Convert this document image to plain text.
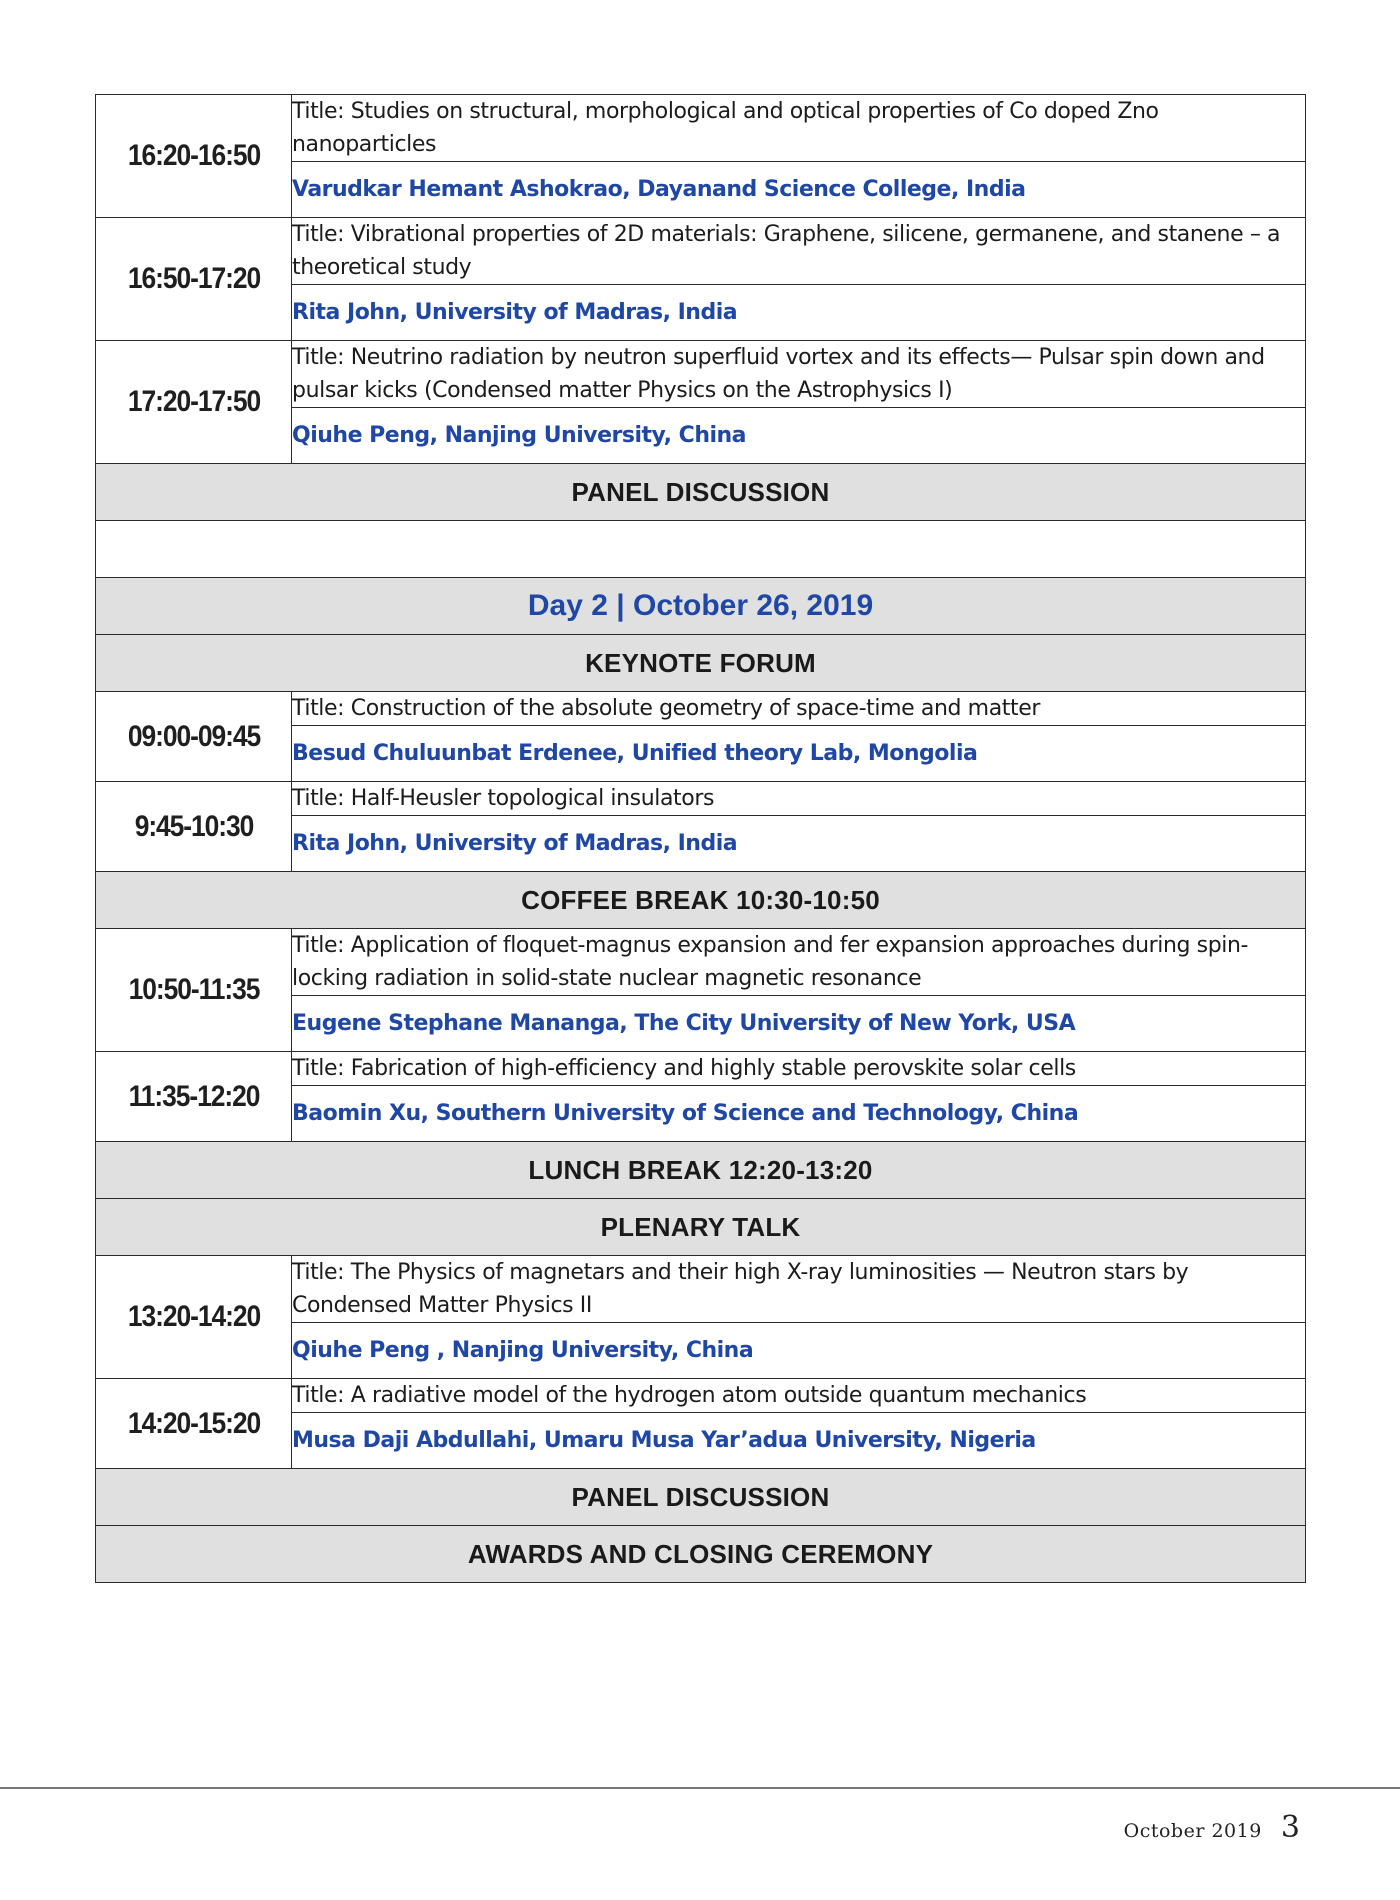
16:20-16:50	Title: Studies on structural, morphological and optical properties of Co doped Zno nanoparticles
	Varudkar Hemant Ashokrao, Dayanand Science College, India
16:50-17:20	Title: Vibrational properties of 2D materials: Graphene, silicene, germanene, and stanene – a theoretical study
	Rita John, University of Madras, India
17:20-17:50	Title: Neutrino radiation by neutron superfluid vortex and its effects— Pulsar spin down and pulsar kicks (Condensed matter Physics on the Astrophysics I)
	Qiuhe Peng, Nanjing University, China
PANEL DISCUSSION	

Day 2 | October 26, 2019	
KEYNOTE FORUM	
09:00-09:45	Title: Construction of the absolute geometry of space-time and matter
	Besud Chuluunbat Erdenee, Unified theory Lab, Mongolia
9:45-10:30	Title: Half-Heusler topological insulators
	Rita John, University of Madras, India
COFFEE BREAK 10:30-10:50	
10:50-11:35	Title: Application of floquet-magnus expansion and fer expansion approaches during spin-locking radiation in solid-state nuclear magnetic resonance
	Eugene Stephane Mananga, The City University of New York, USA
11:35-12:20	Title: Fabrication of high-efficiency and highly stable perovskite solar cells
	Baomin Xu, Southern University of Science and Technology, China
LUNCH BREAK 12:20-13:20	
PLENARY TALK	
13:20-14:20	Title: The Physics of magnetars and their high X-ray luminosities — Neutron stars by Condensed Matter Physics II
	Qiuhe Peng , Nanjing University, China
14:20-15:20	Title: A radiative model of the hydrogen atom outside quantum mechanics
	Musa Daji Abdullahi, Umaru Musa Yar’adua University, Nigeria
PANEL DISCUSSION	
AWARDS AND CLOSING CEREMONY	
October 2019 3
